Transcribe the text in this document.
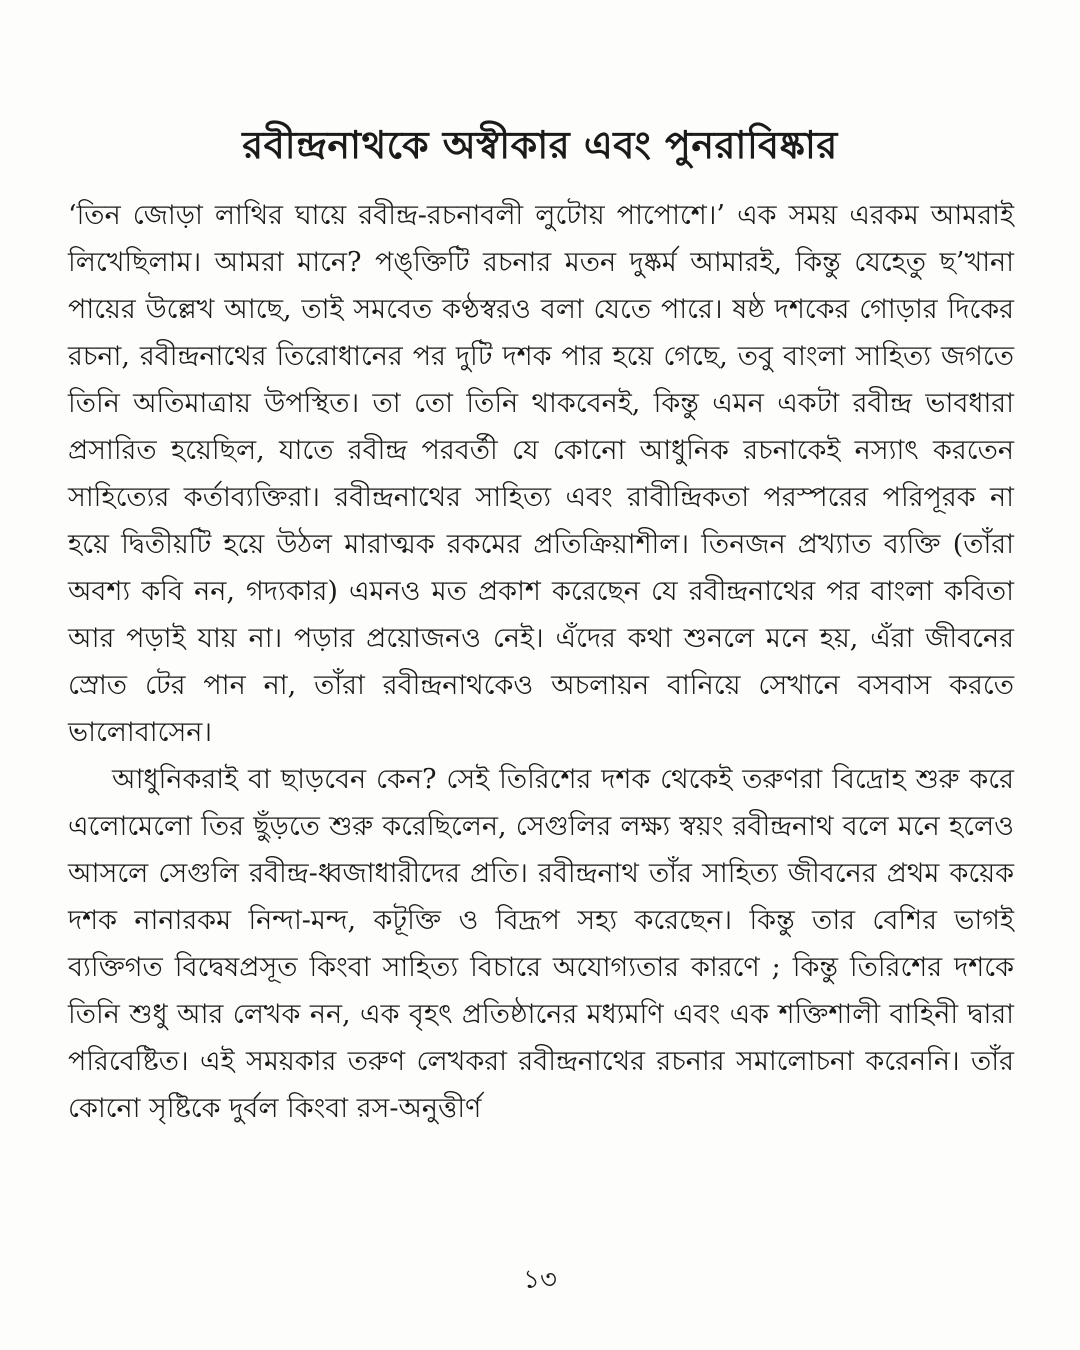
রবীন্দ্রনাথকে অস্বীকার এবং পুনরাবিষ্কার

‘তিন জোড়া লাথির ঘায়ে রবীন্দ্র-রচনাবলী লুটোয় পাপোশে।’ এক সময় এরকম আমরাই লিখেছিলাম। আমরা মানে? পঙ্‌ক্তিটি রচনার মতন দুষ্কর্ম আমারই, কিন্তু যেহেতু ছ’খানা পায়ের উল্লেখ আছে, তাই সমবেত কণ্ঠস্বরও বলা যেতে পারে। ষষ্ঠ দশকের গোড়ার দিকের রচনা, রবীন্দ্রনাথের তিরোধানের পর দুটি দশক পার হয়ে গেছে, তবু বাংলা সাহিত্য জগতে তিনি অতিমাত্রায় উপস্থিত। তা তো তিনি থাকবেনই, কিন্তু এমন একটা রবীন্দ্র ভাবধারা প্রসারিত হয়েছিল, যাতে রবীন্দ্র পরবর্তী যে কোনো আধুনিক রচনাকেই নস্যাৎ করতেন সাহিত্যের কর্তাব্যক্তিরা। রবীন্দ্রনাথের সাহিত্য এবং রাবীন্দ্রিকতা পরস্পরের পরিপূরক না হয়ে দ্বিতীয়টি হয়ে উঠল মারাত্মক রকমের প্রতিক্রিয়াশীল। তিনজন প্রখ্যাত ব্যক্তি (তাঁরা অবশ্য কবি নন, গদ্যকার) এমনও মত প্রকাশ করেছেন যে রবীন্দ্রনাথের পর বাংলা কবিতা আর পড়াই যায় না। পড়ার প্রয়োজনও নেই। এঁদের কথা শুনলে মনে হয়, এঁরা জীবনের স্রোত টের পান না, তাঁরা রবীন্দ্রনাথকেও অচলায়ন বানিয়ে সেখানে বসবাস করতে ভালোবাসেন।

আধুনিকরাই বা ছাড়বেন কেন? সেই তিরিশের দশক থেকেই তরুণরা বিদ্রোহ শুরু করে এলোমেলো তির ছুঁড়তে শুরু করেছিলেন, সেগুলির লক্ষ্য স্বয়ং রবীন্দ্রনাথ বলে মনে হলেও আসলে সেগুলি রবীন্দ্র-ধ্বজাধারীদের প্রতি। রবীন্দ্রনাথ তাঁর সাহিত্য জীবনের প্রথম কয়েক দশক নানারকম নিন্দা-মন্দ, কটূক্তি ও বিদ্রূপ সহ্য করেছেন। কিন্তু তার বেশির ভাগই ব্যক্তিগত বিদ্বেষপ্রসূত কিংবা সাহিত্য বিচারে অযোগ্যতার কারণে ; কিন্তু তিরিশের দশকে তিনি শুধু আর লেখক নন, এক বৃহৎ প্রতিষ্ঠানের মধ্যমণি এবং এক শক্তিশালী বাহিনী দ্বারা পরিবেষ্টিত। এই সময়কার তরুণ লেখকরা রবীন্দ্রনাথের রচনার সমালোচনা করেননি। তাঁর কোনো সৃষ্টিকে দুর্বল কিংবা রস-অনুত্তীর্ণ

১৩
